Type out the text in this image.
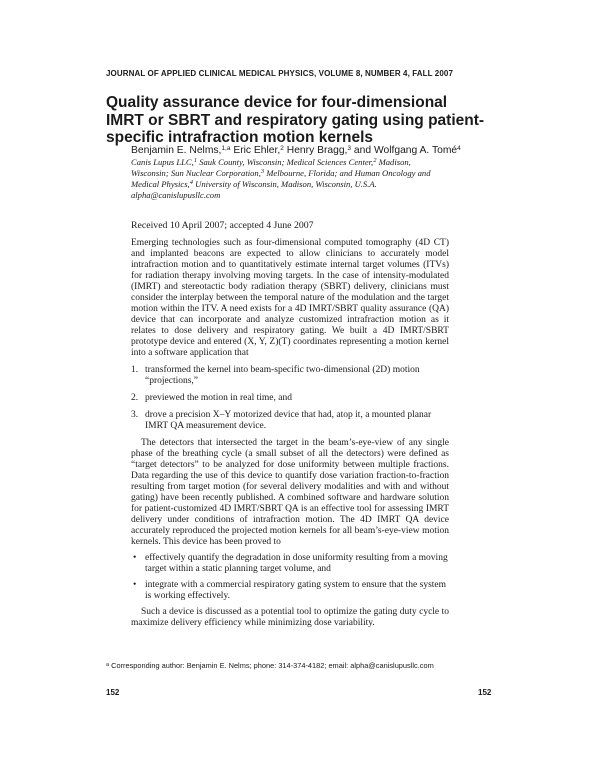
JOURNAL OF APPLIED CLINICAL MEDICAL PHYSICS, VOLUME 8, NUMBER 4, FALL 2007
Quality assurance device for four-dimensional IMRT or SBRT and respiratory gating using patient-specific intrafraction motion kernels
Benjamin E. Nelms,$^{1,a}$ Eric Ehler,$^2$ Henry Bragg,$^3$ and Wolfgang A. Tomé$^4$
Canis Lupus LLC,$^1$ Sauk County, Wisconsin; Medical Sciences Center,$^2$ Madison,
Wisconsin; Sun Nuclear Corporation,$^3$ Melbourne, Florida; and Human Oncology and
Medical Physics,$^4$ University of Wisconsin, Madison, Wisconsin, U.S.A.
alpha@canislupusllc.com
Received 10 April 2007; accepted 4 June 2007

Emerging technologies such as four-dimensional computed tomography (4D CT) and implanted beacons are expected to allow clinicians to accurately model intrafraction motion and to quantitatively estimate internal target volumes (ITVs) for radiation therapy involving moving targets. In the case of intensity-modulated (IMRT) and stereotactic body radiation therapy (SBRT) delivery, clinicians must consider the interplay between the temporal nature of the modulation and the target motion within the ITV. A need exists for a 4D IMRT/SBRT quality assurance (QA) device that can incorporate and analyze customized intrafraction motion as it relates to dose delivery and respiratory gating. We built a 4D IMRT/SBRT prototype device and entered (X, Y, Z)(T) coordinates representing a motion kernel into a software application that

1. transformed the kernel into beam-specific two-dimensional (2D) motion “projections,”
2. previewed the motion in real time, and
3. drove a precision X–Y motorized device that had, atop it, a mounted planar IMRT QA measurement device.

The detectors that intersected the target in the beam’s-eye-view of any single phase of the breathing cycle (a small subset of all the detectors) were defined as “target detectors” to be analyzed for dose uniformity between multiple fractions. Data regarding the use of this device to quantify dose variation fraction-to-fraction resulting from target motion (for several delivery modalities and with and without gating) have been recently published. A combined software and hardware solution for patient-customized 4D IMRT/SBRT QA is an effective tool for assessing IMRT delivery under conditions of intrafraction motion. The 4D IMRT QA device accurately reproduced the projected motion kernels for all beam’s-eye-view motion kernels. This device has been proved to

• effectively quantify the degradation in dose uniformity resulting from a moving target within a static planning target volume, and
• integrate with a commercial respiratory gating system to ensure that the system is working effectively.

Such a device is discussed as a potential tool to optimize the gating duty cycle to maximize delivery efficiency while minimizing dose variability.

$^a$ Corresponding author: Benjamin E. Nelms; phone: 314-374-4182; email: alpha@canislupusllc.com
152	152
